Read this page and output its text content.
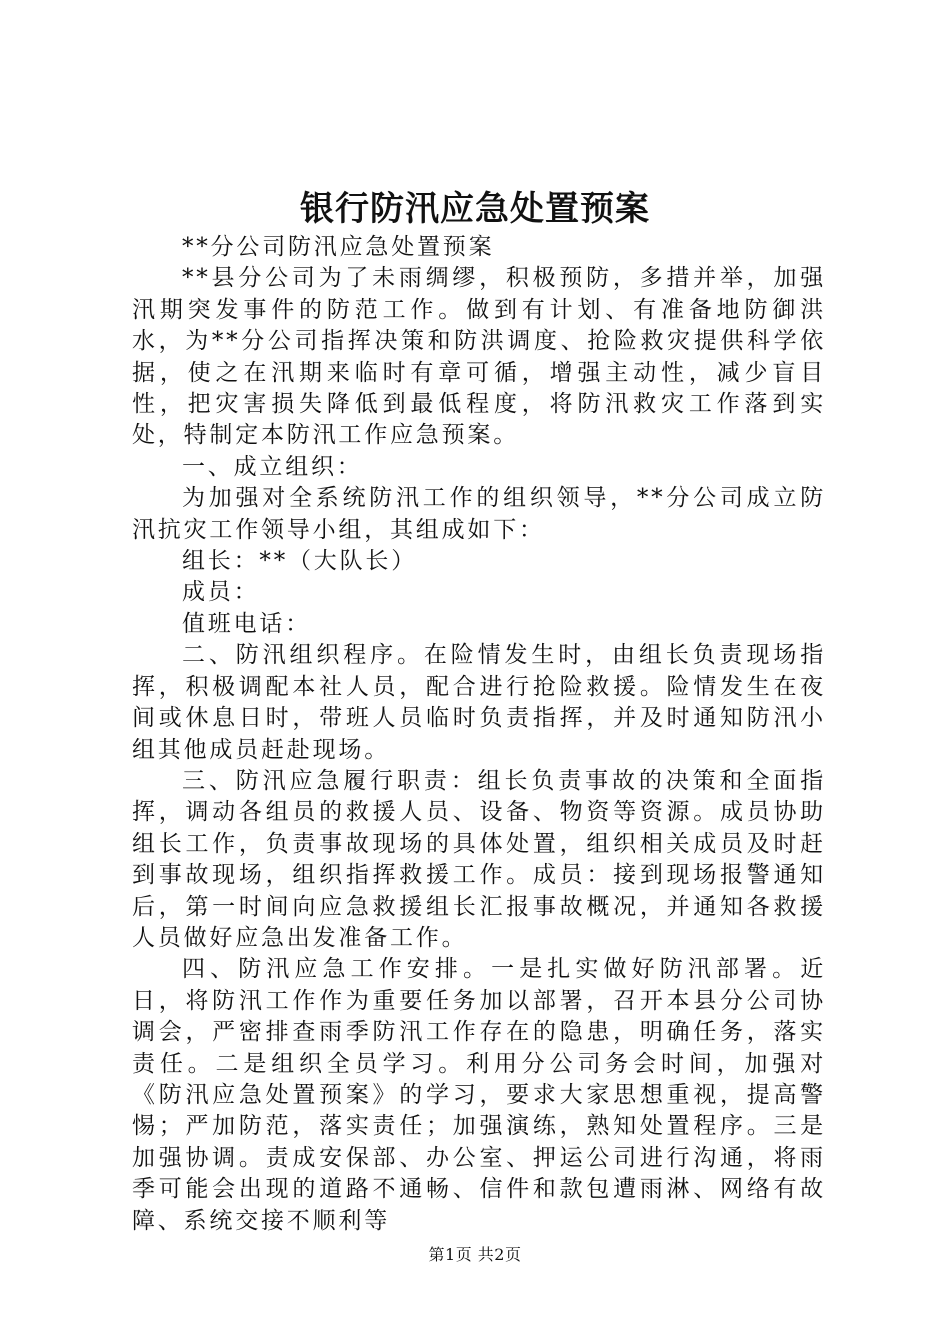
银行防汛应急处置预案

**分公司防汛应急处置预案

**县分公司为了未雨绸缪，积极预防，多措并举，加强汛期突发事件的防范工作。做到有计划、有准备地防御洪水，为**分公司指挥决策和防洪调度、抢险救灾提供科学依据，使之在汛期来临时有章可循，增强主动性，减少盲目性，把灾害损失降低到最低程度，将防汛救灾工作落到实处，特制定本防汛工作应急预案。

一、成立组织：

为加强对全系统防汛工作的组织领导，**分公司成立防汛抗灾工作领导小组，其组成如下：

组长：**（大队长）

成员：

值班电话：

二、防汛组织程序。在险情发生时，由组长负责现场指挥，积极调配本社人员，配合进行抢险救援。险情发生在夜间或休息日时，带班人员临时负责指挥，并及时通知防汛小组其他成员赶赴现场。

三、防汛应急履行职责：组长负责事故的决策和全面指挥，调动各组员的救援人员、设备、物资等资源。成员协助组长工作，负责事故现场的具体处置，组织相关成员及时赶到事故现场，组织指挥救援工作。成员：接到现场报警通知后，第一时间向应急救援组长汇报事故概况，并通知各救援人员做好应急出发准备工作。

四、防汛应急工作安排。一是扎实做好防汛部署。近日，将防汛工作作为重要任务加以部署，召开本县分公司协调会，严密排查雨季防汛工作存在的隐患，明确任务，落实责任。二是组织全员学习。利用分公司务会时间，加强对《防汛应急处置预案》的学习，要求大家思想重视，提高警惕；严加防范，落实责任；加强演练，熟知处置程序。三是加强协调。责成安保部、办公室、押运公司进行沟通，将雨季可能会出现的道路不通畅、信件和款包遭雨淋、网络有故障、系统交接不顺利等

第1页 共2页
